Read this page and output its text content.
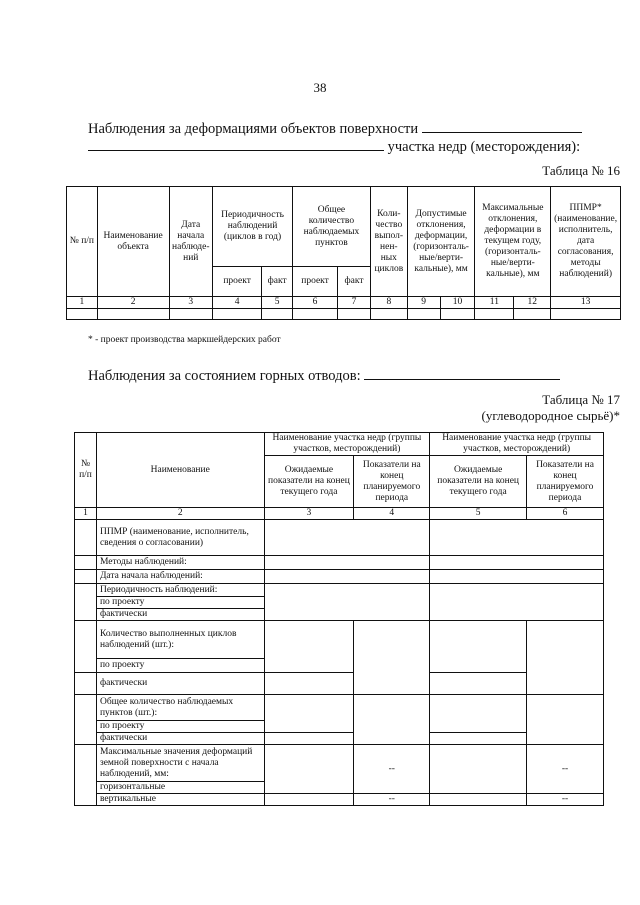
38
Наблюдения за деформациями объектов поверхности
участка недр (месторождения):
Таблица № 16
№ п/п	Наименование объекта	Дата начала наблюде-ний	Периодичность наблюдений (циклов в год)		Общее количество наблюдаемых пунктов		Коли-чество выпол-нен-ных циклов	Допустимые отклонения, деформации, (горизонталь-ные/верти-кальные), мм		Максимальные отклонения, деформации в текущем году, (горизонталь-ные/верти-кальные), мм		ППМР* (наименование, исполнитель, дата согласования, методы наблюдений)
			проект	факт	проект	факт						
1	2	3	4	5	6	7	8	9	10	11	12	13

* - проект производства маркшейдерских работ
Наблюдения за состоянием горных отводов:
Таблица № 17
(углеводородное сырьё)*
№ п/п	Наименование	Наименование участка недр (группы участков, месторождений)		Наименование участка недр (группы участков, месторождений)	
		Ожидаемые показатели на конец текущего года	Показатели на конец планируемого периода	Ожидаемые показатели на конец текущего года	Показатели на конец планируемого периода
1	2	3	4	5	6
	ППМР (наименование, исполнитель, сведения о согласовании)				
	Методы наблюдений:				
	Дата начала наблюдений:				
	Периодичность наблюдений:				
	по проекту				
	фактически				
	Количество выполненных циклов наблюдений (шт.):				
	по проекту				
	фактически				
	Общее количество наблюдаемых пунктов (шт.):				
	по проекту				
	фактически				
	Максимальные значения деформаций земной поверхности с начала наблюдений, мм:		--		--
	горизонтальные				
	вертикальные		--		--
